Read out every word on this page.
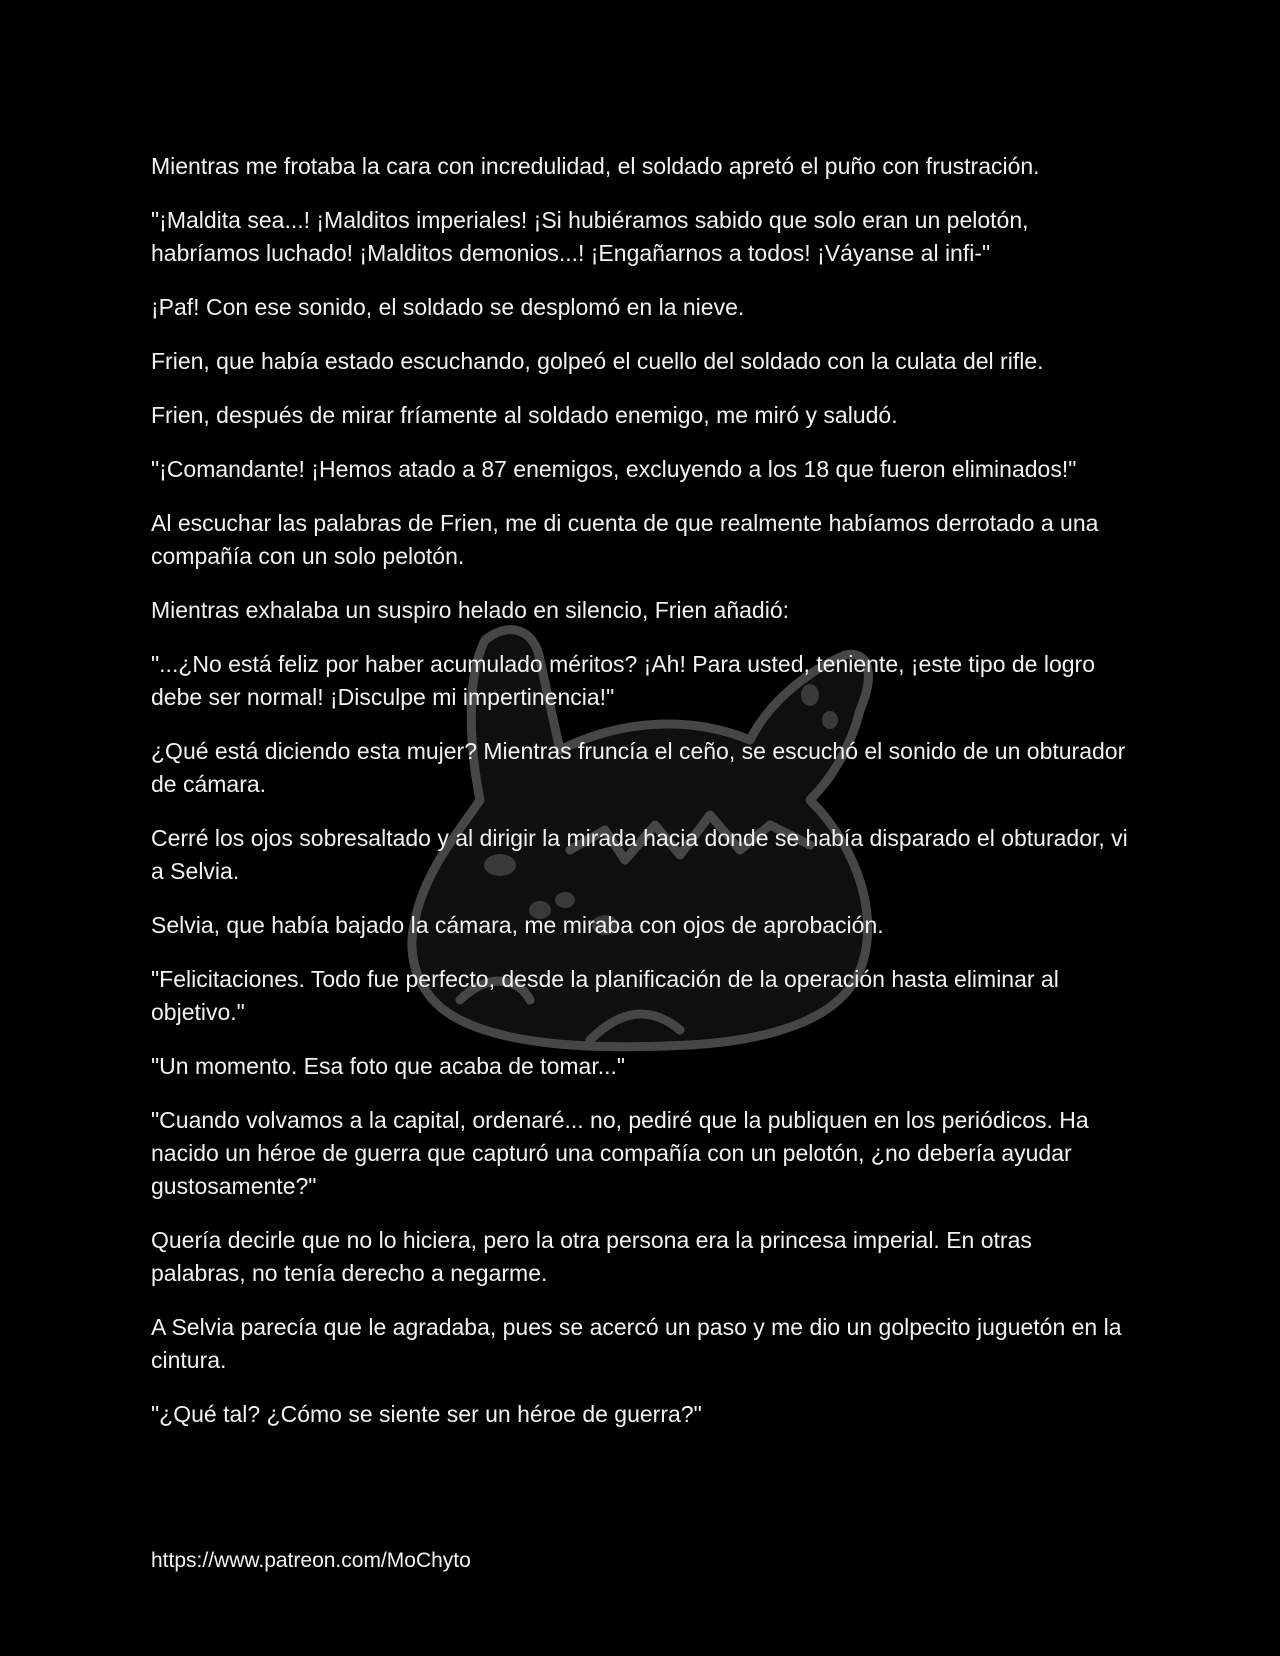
Mientras me frotaba la cara con incredulidad, el soldado apretó el puño con frustración.

"¡Maldita sea...! ¡Malditos imperiales! ¡Si hubiéramos sabido que solo eran un pelotón, habríamos luchado! ¡Malditos demonios...! ¡Engañarnos a todos! ¡Váyanse al infi-"

¡Paf! Con ese sonido, el soldado se desplomó en la nieve.

Frien, que había estado escuchando, golpeó el cuello del soldado con la culata del rifle.

Frien, después de mirar fríamente al soldado enemigo, me miró y saludó.

"¡Comandante! ¡Hemos atado a 87 enemigos, excluyendo a los 18 que fueron eliminados!"

Al escuchar las palabras de Frien, me di cuenta de que realmente habíamos derrotado a una compañía con un solo pelotón.

Mientras exhalaba un suspiro helado en silencio, Frien añadió:

"...¿No está feliz por haber acumulado méritos? ¡Ah! Para usted, teniente, ¡este tipo de logro debe ser normal! ¡Disculpe mi impertinencia!"

¿Qué está diciendo esta mujer? Mientras fruncía el ceño, se escuchó el sonido de un obturador de cámara.

Cerré los ojos sobresaltado y al dirigir la mirada hacia donde se había disparado el obturador, vi a Selvia.

Selvia, que había bajado la cámara, me miraba con ojos de aprobación.

"Felicitaciones. Todo fue perfecto, desde la planificación de la operación hasta eliminar al objetivo."

"Un momento. Esa foto que acaba de tomar..."

"Cuando volvamos a la capital, ordenaré... no, pediré que la publiquen en los periódicos. Ha nacido un héroe de guerra que capturó una compañía con un pelotón, ¿no debería ayudar gustosamente?"

Quería decirle que no lo hiciera, pero la otra persona era la princesa imperial. En otras palabras, no tenía derecho a negarme.

A Selvia parecía que le agradaba, pues se acercó un paso y me dio un golpecito juguetón en la cintura.

"¿Qué tal? ¿Cómo se siente ser un héroe de guerra?"

https://www.patreon.com/MoChyto
